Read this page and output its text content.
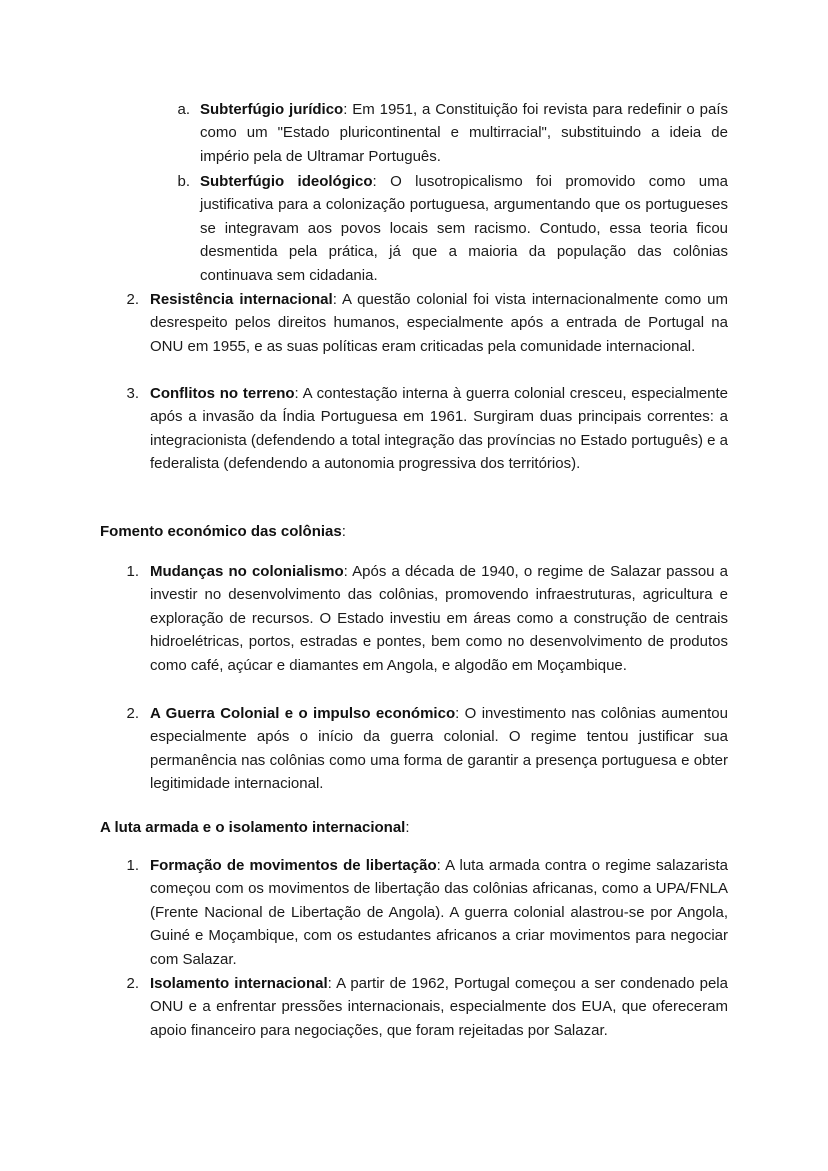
a. Subterfúgio jurídico: Em 1951, a Constituição foi revista para redefinir o país como um "Estado pluricontinental e multirracial", substituindo a ideia de império pela de Ultramar Português.

b. Subterfúgio ideológico: O lusotropicalismo foi promovido como uma justificativa para a colonização portuguesa, argumentando que os portugueses se integravam aos povos locais sem racismo. Contudo, essa teoria ficou desmentida pela prática, já que a maioria da população das colônias continuava sem cidadania.

2. Resistência internacional: A questão colonial foi vista internacionalmente como um desrespeito pelos direitos humanos, especialmente após a entrada de Portugal na ONU em 1955, e as suas políticas eram criticadas pela comunidade internacional.

3. Conflitos no terreno: A contestação interna à guerra colonial cresceu, especialmente após a invasão da Índia Portuguesa em 1961. Surgiram duas principais correntes: a integracionista (defendendo a total integração das províncias no Estado português) e a federalista (defendendo a autonomia progressiva dos territórios).

Fomento económico das colônias:

1. Mudanças no colonialismo: Após a década de 1940, o regime de Salazar passou a investir no desenvolvimento das colônias, promovendo infraestruturas, agricultura e exploração de recursos. O Estado investiu em áreas como a construção de centrais hidroelétricas, portos, estradas e pontes, bem como no desenvolvimento de produtos como café, açúcar e diamantes em Angola, e algodão em Moçambique.

2. A Guerra Colonial e o impulso económico: O investimento nas colônias aumentou especialmente após o início da guerra colonial. O regime tentou justificar sua permanência nas colônias como uma forma de garantir a presença portuguesa e obter legitimidade internacional.

A luta armada e o isolamento internacional:

1. Formação de movimentos de libertação: A luta armada contra o regime salazarista começou com os movimentos de libertação das colônias africanas, como a UPA/FNLA (Frente Nacional de Libertação de Angola). A guerra colonial alastrou-se por Angola, Guiné e Moçambique, com os estudantes africanos a criar movimentos para negociar com Salazar.

2. Isolamento internacional: A partir de 1962, Portugal começou a ser condenado pela ONU e a enfrentar pressões internacionais, especialmente dos EUA, que ofereceram apoio financeiro para negociações, que foram rejeitadas por Salazar.
